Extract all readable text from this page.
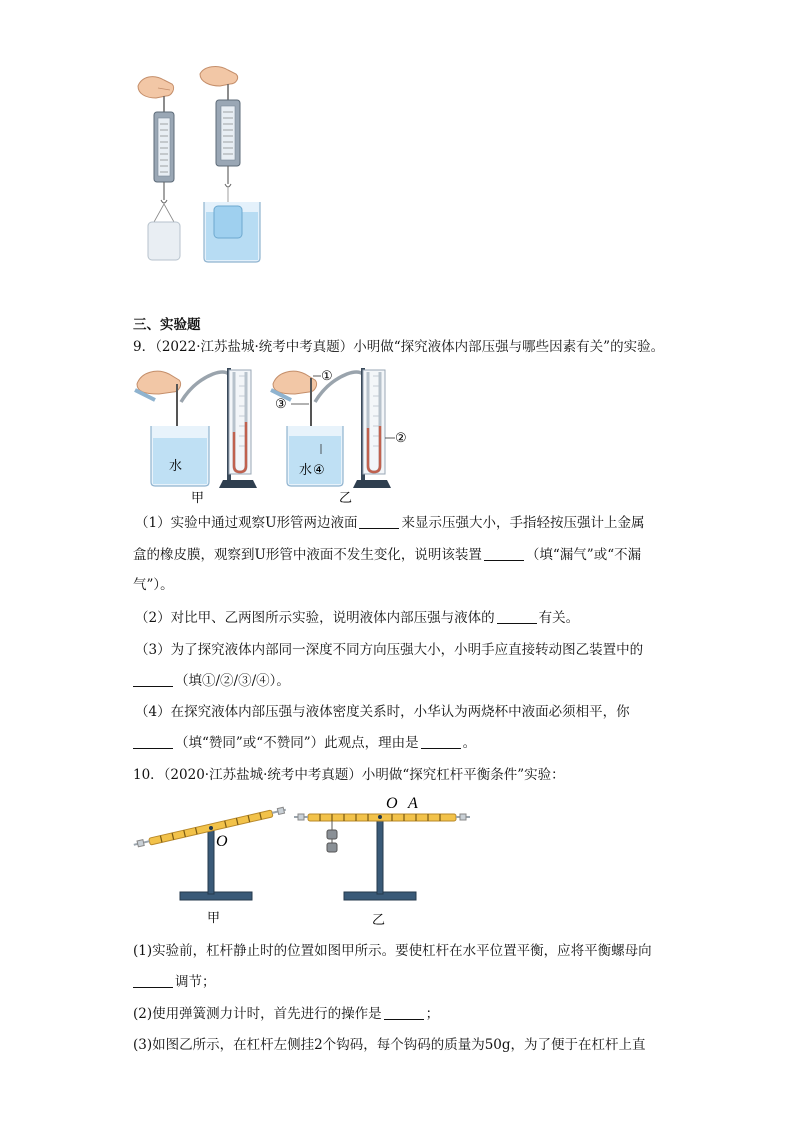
三、实验题
9．（2022·江苏盐城·统考中考真题）小明做“探究液体内部压强与哪些因素有关”的实验。
水	水
甲	乙
①
②
③
④
（1）实验中通过观察U形管两边液面	来显示压强大小，手指轻按压强计上金属
盒的橡皮膜，观察到U形管中液面不发生变化，说明该装置	（填“漏气”或“不漏
气”）。
（2）对比甲、乙两图所示实验，说明液体内部压强与液体的	有关。
（3）为了探究液体内部同一深度不同方向压强大小，小明手应直接转动图乙装置中的
（填①/②/③/④）。
（4）在探究液体内部压强与液体密度关系时，小华认为两烧杯中液面必须相平，你
（填“赞同”或“不赞同”）此观点，理由是	。
10．（2020·江苏盐城·统考中考真题）小明做“探究杠杆平衡条件”实验：
O
O A
甲	乙
(1)实验前，杠杆静止时的位置如图甲所示。要使杠杆在水平位置平衡，应将平衡螺母向
调节；
(2)使用弹簧测力计时，首先进行的操作是	；
(3)如图乙所示，在杠杆左侧挂2个钩码，每个钩码的质量为50g，为了便于在杠杆上直
